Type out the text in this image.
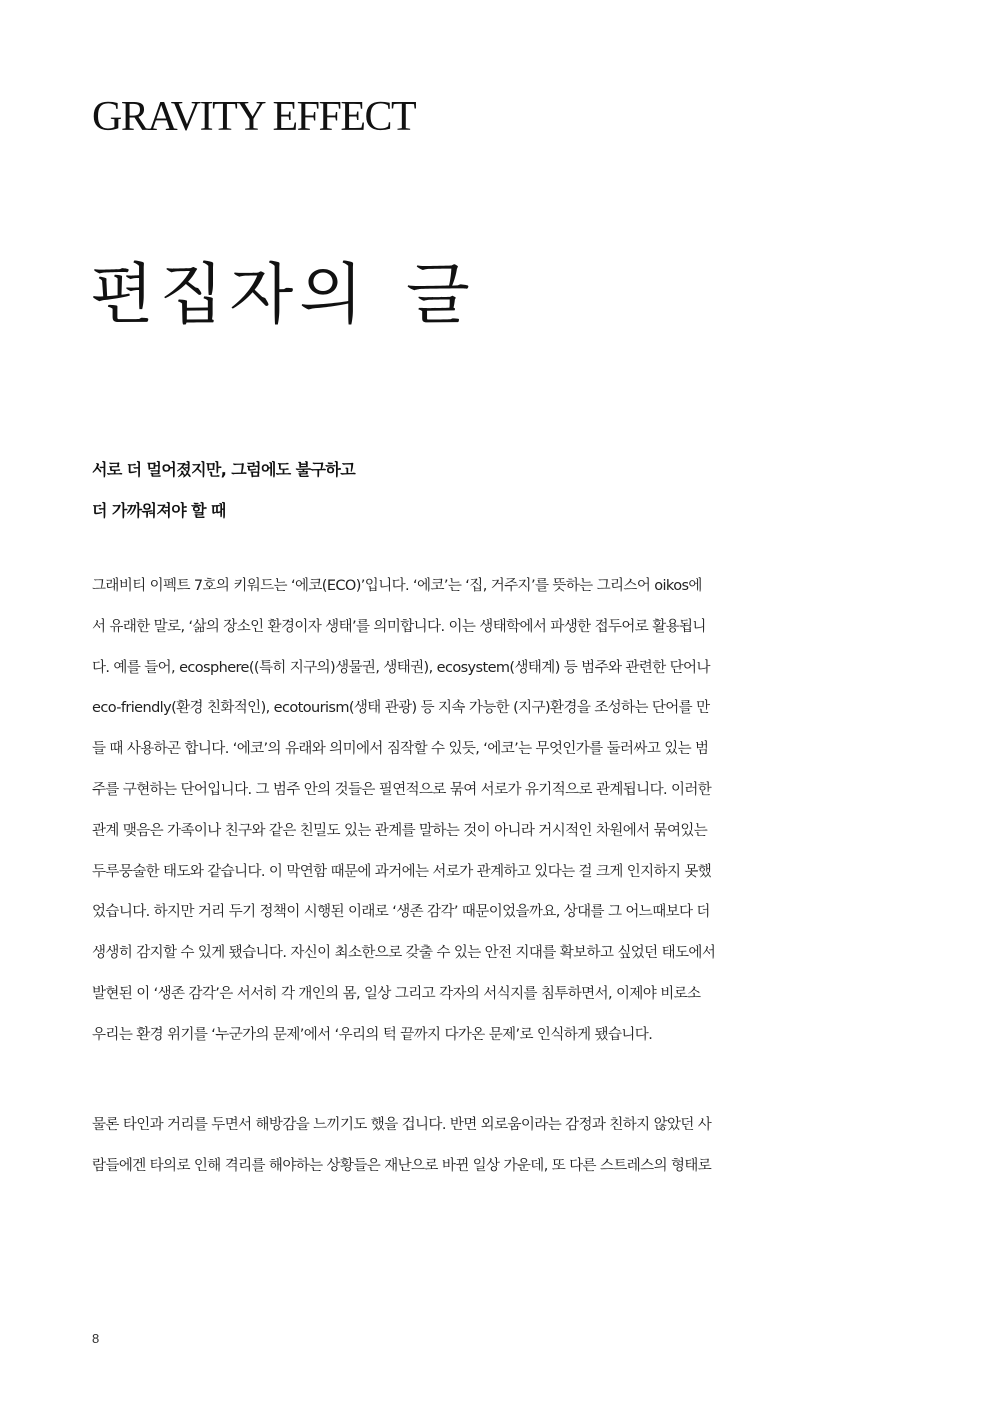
GRAVITY EFFECT
편집자의 글
서로 더 멀어졌지만, 그럼에도 불구하고
더 가까워져야 할 때
그래비티 이펙트 7호의 키워드는 ‘에코(ECO)’입니다. ‘에코’는 ‘집, 거주지’를 뜻하는 그리스어 oikos에
서 유래한 말로, ‘삶의 장소인 환경이자 생태’를 의미합니다. 이는 생태학에서 파생한 접두어로 활용됩니
다. 예를 들어, ecosphere((특히 지구의)생물권, 생태권), ecosystem(생태계) 등 범주와 관련한 단어나
eco-friendly(환경 친화적인), ecotourism(생태 관광) 등 지속 가능한 (지구)환경을 조성하는 단어를 만
들 때 사용하곤 합니다. ‘에코’의 유래와 의미에서 짐작할 수 있듯, ‘에코’는 무엇인가를 둘러싸고 있는 범
주를 구현하는 단어입니다. 그 범주 안의 것들은 필연적으로 묶여 서로가 유기적으로 관계됩니다. 이러한
관계 맺음은 가족이나 친구와 같은 친밀도 있는 관계를 말하는 것이 아니라 거시적인 차원에서 묶여있는
두루뭉술한 태도와 같습니다. 이 막연함 때문에 과거에는 서로가 관계하고 있다는 걸 크게 인지하지 못했
었습니다. 하지만 거리 두기 정책이 시행된 이래로 ‘생존 감각’ 때문이었을까요, 상대를 그 어느때보다 더
생생히 감지할 수 있게 됐습니다. 자신이 최소한으로 갖출 수 있는 안전 지대를 확보하고 싶었던 태도에서
발현된 이 ‘생존 감각’은 서서히 각 개인의 몸, 일상 그리고 각자의 서식지를 침투하면서, 이제야 비로소
우리는 환경 위기를 ‘누군가의 문제’에서 ‘우리의 턱 끝까지 다가온 문제’로 인식하게 됐습니다.
물론 타인과 거리를 두면서 해방감을 느끼기도 했을 겁니다. 반면 외로움이라는 감정과 친하지 않았던 사
람들에겐 타의로 인해 격리를 해야하는 상황들은 재난으로 바뀐 일상 가운데, 또 다른 스트레스의 형태로
8
